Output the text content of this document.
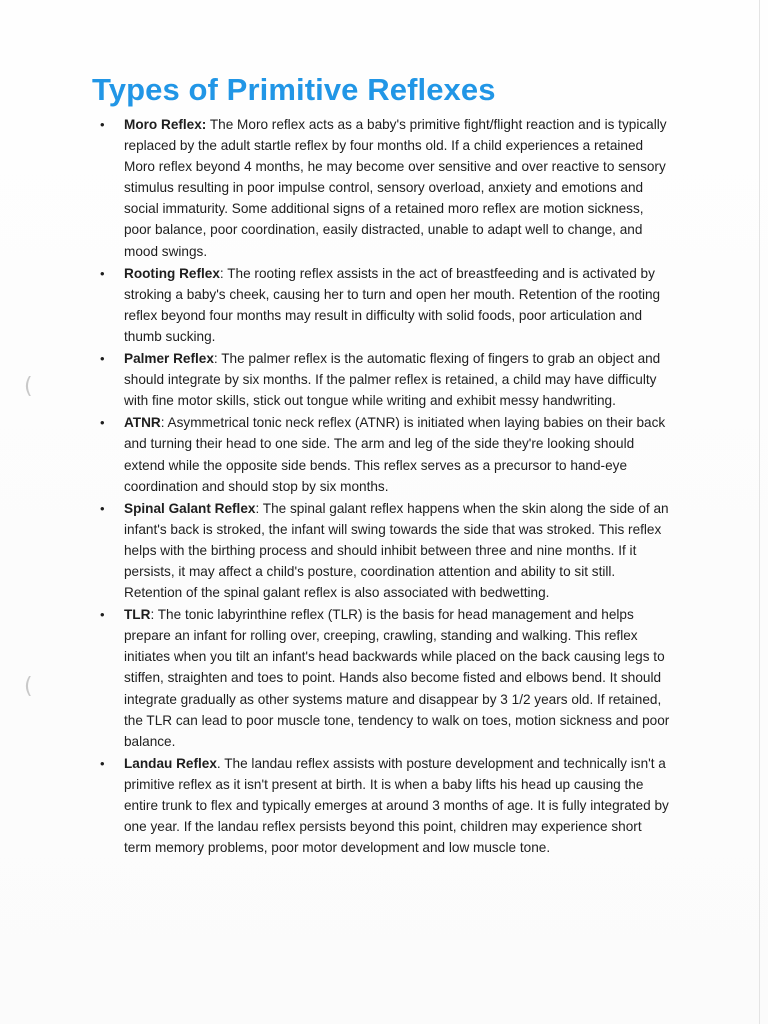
(
(
Types of Primitive Reflexes
• Moro Reflex: The Moro reflex acts as a baby's primitive fight/flight reaction and is typically replaced by the adult startle reflex by four months old. If a child experiences a retained Moro reflex beyond 4 months, he may become over sensitive and over reactive to sensory stimulus resulting in poor impulse control, sensory overload, anxiety and emotions and social immaturity. Some additional signs of a retained moro reflex are motion sickness, poor balance, poor coordination, easily distracted, unable to adapt well to change, and mood swings.
• Rooting Reflex: The rooting reflex assists in the act of breastfeeding and is activated by stroking a baby's cheek, causing her to turn and open her mouth. Retention of the rooting reflex beyond four months may result in difficulty with solid foods, poor articulation and thumb sucking.
• Palmer Reflex: The palmer reflex is the automatic flexing of fingers to grab an object and should integrate by six months. If the palmer reflex is retained, a child may have difficulty with fine motor skills, stick out tongue while writing and exhibit messy handwriting.
• ATNR: Asymmetrical tonic neck reflex (ATNR) is initiated when laying babies on their back and turning their head to one side. The arm and leg of the side they're looking should extend while the opposite side bends. This reflex serves as a precursor to hand-eye coordination and should stop by six months.
• Spinal Galant Reflex: The spinal galant reflex happens when the skin along the side of an infant's back is stroked, the infant will swing towards the side that was stroked. This reflex helps with the birthing process and should inhibit between three and nine months. If it persists, it may affect a child's posture, coordination attention and ability to sit still. Retention of the spinal galant reflex is also associated with bedwetting.
• TLR: The tonic labyrinthine reflex (TLR) is the basis for head management and helps prepare an infant for rolling over, creeping, crawling, standing and walking. This reflex initiates when you tilt an infant's head backwards while placed on the back causing legs to stiffen, straighten and toes to point. Hands also become fisted and elbows bend. It should integrate gradually as other systems mature and disappear by 3 1/2 years old. If retained, the TLR can lead to poor muscle tone, tendency to walk on toes, motion sickness and poor balance.
• Landau Reflex. The landau reflex assists with posture development and technically isn't a primitive reflex as it isn't present at birth. It is when a baby lifts his head up causing the entire trunk to flex and typically emerges at around 3 months of age. It is fully integrated by one year. If the landau reflex persists beyond this point, children may experience short term memory problems, poor motor development and low muscle tone.
